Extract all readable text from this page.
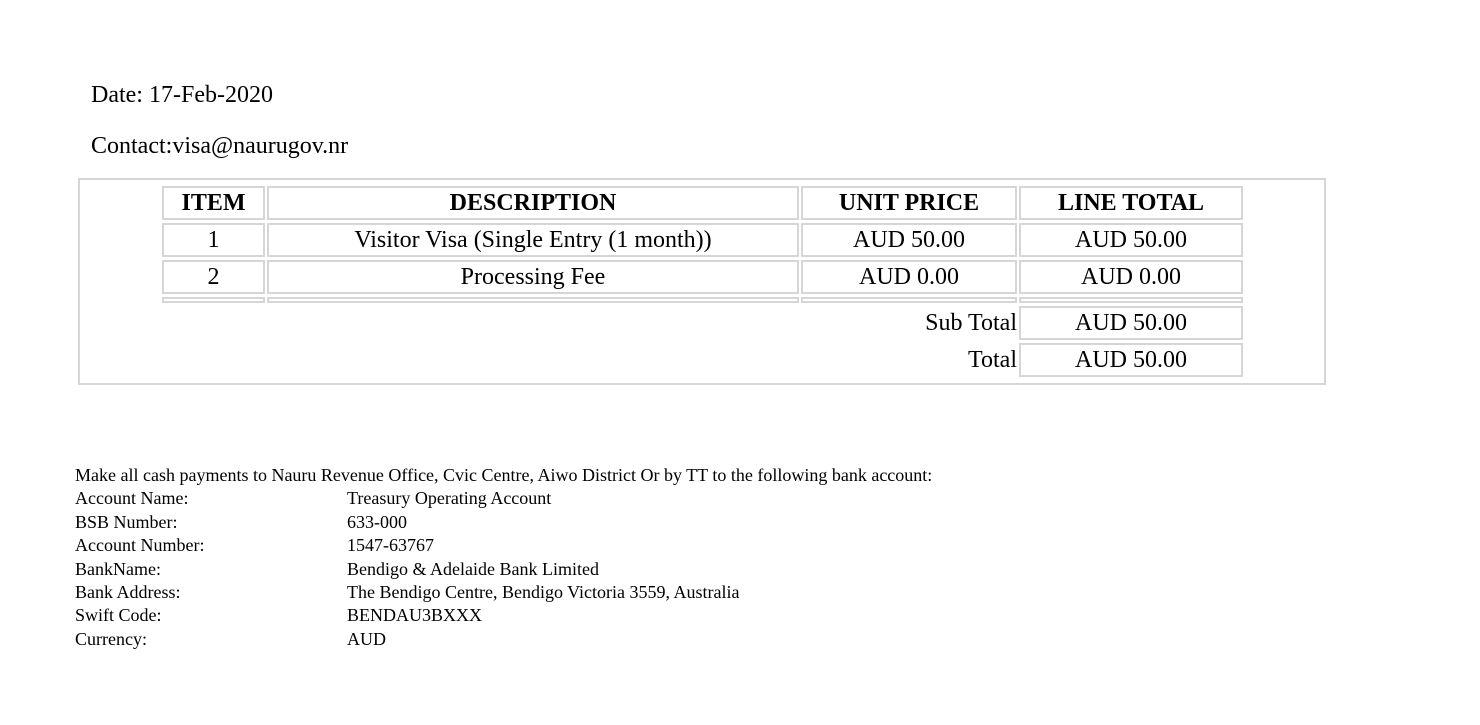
Date: 17-Feb-2020
Contact:visa@naurugov.nr
ITEM	DESCRIPTION	UNIT PRICE	LINE TOTAL
1	Visitor Visa (Single Entry (1 month))	AUD 50.00	AUD 50.00
2	Processing Fee	AUD 0.00	AUD 0.00
Sub Total	AUD 50.00
Total	AUD 50.00
Make all cash payments to Nauru Revenue Office, Cvic Centre, Aiwo District Or by TT to the following bank account:
Account Name:	Treasury Operating Account
BSB Number:	633-000
Account Number:	1547-63767
BankName:	Bendigo & Adelaide Bank Limited
Bank Address:	The Bendigo Centre, Bendigo Victoria 3559, Australia
Swift Code:	BENDAU3BXXX
Currency:	AUD
